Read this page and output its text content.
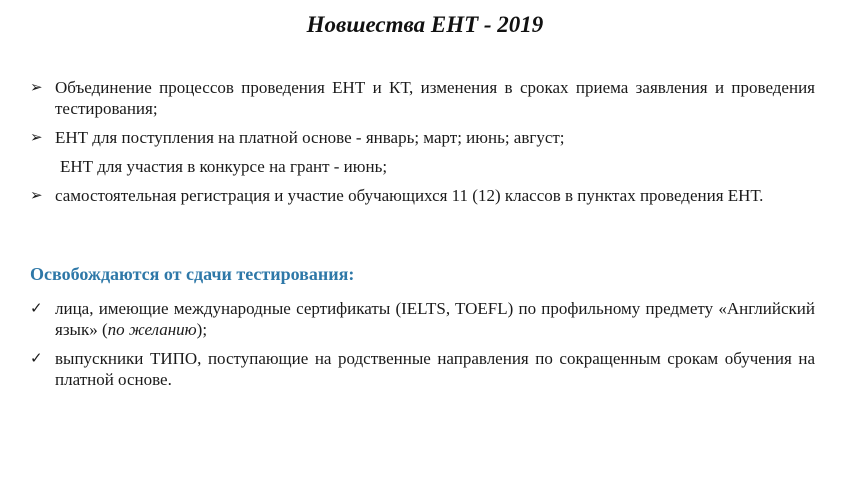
Новшества ЕНТ - 2019
➢ Объединение процессов проведения ЕНТ и КТ, изменения в сроках приема заявления и проведения тестирования;
➢ ЕНТ для поступления на платной основе - январь; март; июнь; август;
ЕНТ для участия в конкурсе на грант - июнь;
➢ самостоятельная регистрация и участие обучающихся 11 (12) классов в пунктах проведения ЕНТ.
Освобождаются от сдачи тестирования:
✓ лица, имеющие международные сертификаты (IELTS, TOEFL) по профильному предмету «Английский язык» (по желанию);
✓ выпускники ТИПО, поступающие на родственные направления по сокращенным срокам обучения на платной основе.
